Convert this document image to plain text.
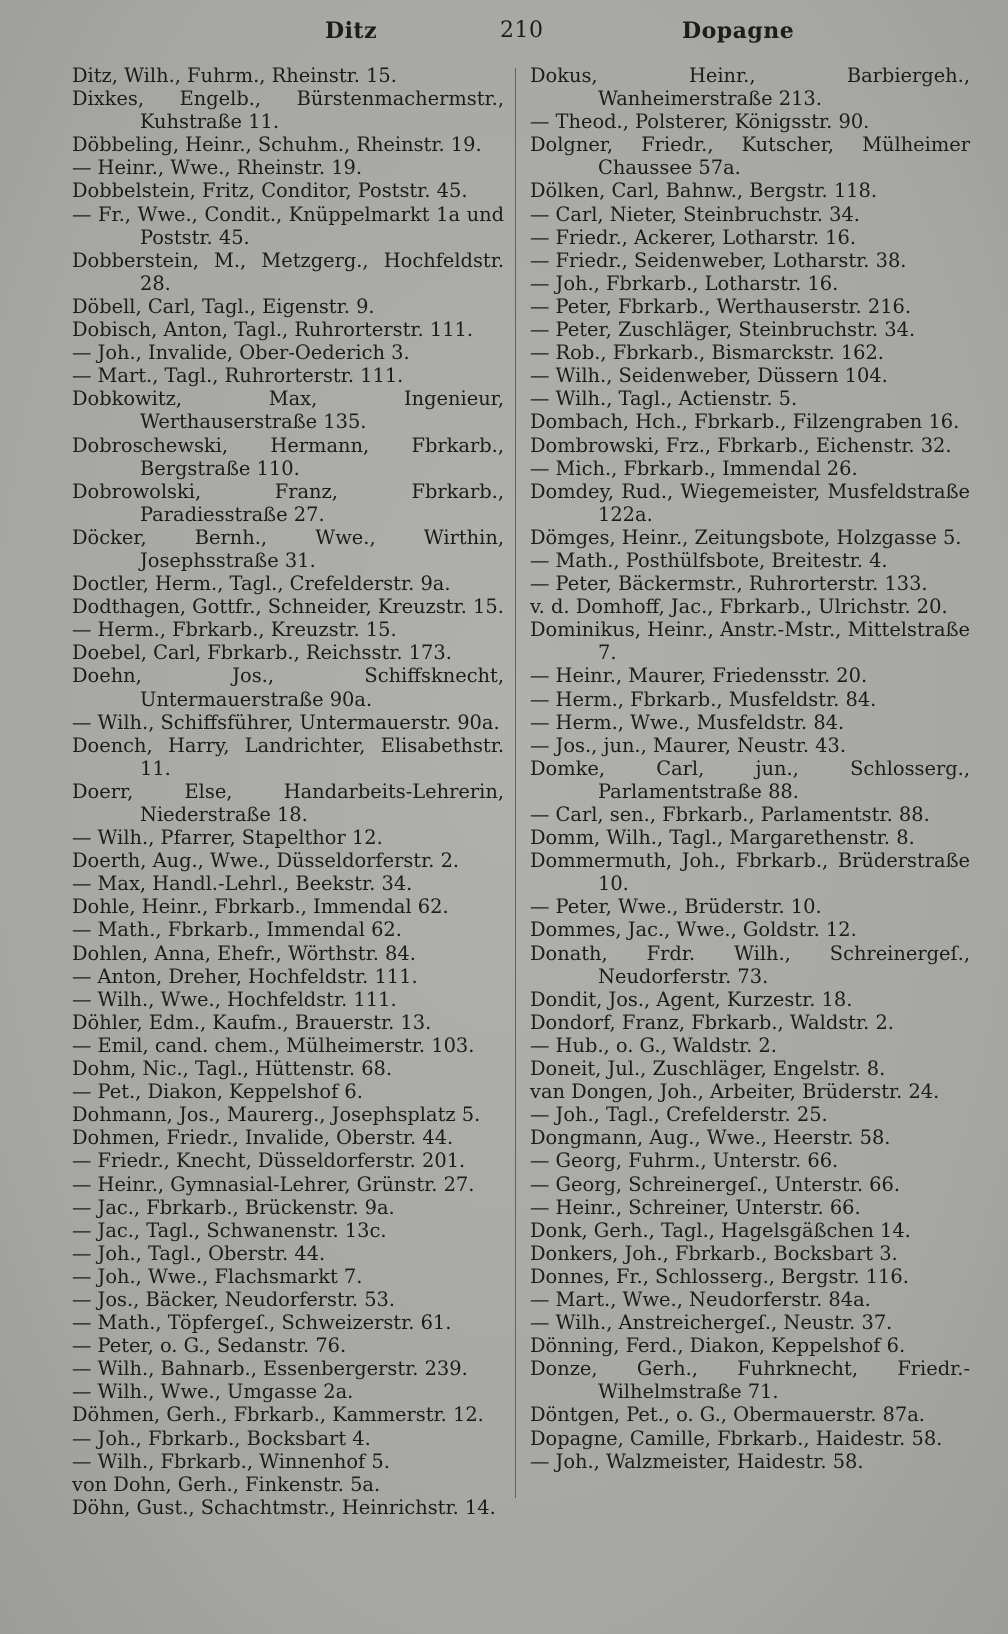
Ditz	210	Dopagne

Ditz, Wilh., Fuhrm., Rheinstr. 15.

Dixkes, Engelb., Bürstenmachermstr., Kuhstraße 11.

Döbbeling, Heinr., Schuhm., Rheinstr. 19.

— Heinr., Wwe., Rheinstr. 19.

Dobbelstein, Fritz, Conditor, Poststr. 45.

— Fr., Wwe., Condit., Knüppelmarkt 1a und Poststr. 45.

Dobberstein, M., Metzgerg., Hochfeldstr. 28.

Döbell, Carl, Tagl., Eigenstr. 9.

Dobisch, Anton, Tagl., Ruhrorterstr. 111.

— Joh., Invalide, Ober-Oederich 3.

— Mart., Tagl., Ruhrorterstr. 111.

Dobkowitz, Max, Ingenieur, Werthauserstraße 135.

Dobroschewski, Hermann, Fbrkarb., Bergstraße 110.

Dobrowolski, Franz, Fbrkarb., Paradiesstraße 27.

Döcker, Bernh., Wwe., Wirthin, Josephsstraße 31.

Doctler, Herm., Tagl., Crefelderstr. 9a.

Dodthagen, Gottfr., Schneider, Kreuzstr. 15.

— Herm., Fbrkarb., Kreuzstr. 15.

Doebel, Carl, Fbrkarb., Reichsstr. 173.

Doehn, Jos., Schiffsknecht, Untermauerstraße 90a.

— Wilh., Schiffsführer, Untermauerstr. 90a.

Doench, Harry, Landrichter, Elisabethstr. 11.

Doerr, Else, Handarbeits-Lehrerin, Niederstraße 18.

— Wilh., Pfarrer, Stapelthor 12.

Doerth, Aug., Wwe., Düsseldorferstr. 2.

— Max, Handl.-Lehrl., Beekstr. 34.

Dohle, Heinr., Fbrkarb., Immendal 62.

— Math., Fbrkarb., Immendal 62.

Dohlen, Anna, Ehefr., Wörthstr. 84.

— Anton, Dreher, Hochfeldstr. 111.

— Wilh., Wwe., Hochfeldstr. 111.

Döhler, Edm., Kaufm., Brauerstr. 13.

— Emil, cand. chem., Mülheimerstr. 103.

Dohm, Nic., Tagl., Hüttenstr. 68.

— Pet., Diakon, Keppelshof 6.

Dohmann, Jos., Maurerg., Josephsplatz 5.

Dohmen, Friedr., Invalide, Oberstr. 44.

— Friedr., Knecht, Düsseldorferstr. 201.

— Heinr., Gymnasial-Lehrer, Grünstr. 27.

— Jac., Fbrkarb., Brückenstr. 9a.

— Jac., Tagl., Schwanenstr. 13c.

— Joh., Tagl., Oberstr. 44.

— Joh., Wwe., Flachsmarkt 7.

— Jos., Bäcker, Neudorferstr. 53.

— Math., Töpfergeſ., Schweizerstr. 61.

— Peter, o. G., Sedanstr. 76.

— Wilh., Bahnarb., Essenbergerstr. 239.

— Wilh., Wwe., Umgasse 2a.

Döhmen, Gerh., Fbrkarb., Kammerstr. 12.

— Joh., Fbrkarb., Bocksbart 4.

— Wilh., Fbrkarb., Winnenhof 5.

von Dohn, Gerh., Finkenstr. 5a.

Döhn, Gust., Schachtmstr., Heinrichstr. 14.

Dokus, Heinr., Barbiergeh., Wanheimerstraße 213.

— Theod., Polsterer, Königsstr. 90.

Dolgner, Friedr., Kutscher, Mülheimer Chaussee 57a.

Dölken, Carl, Bahnw., Bergstr. 118.

— Carl, Nieter, Steinbruchstr. 34.

— Friedr., Ackerer, Lotharstr. 16.

— Friedr., Seidenweber, Lotharstr. 38.

— Joh., Fbrkarb., Lotharstr. 16.

— Peter, Fbrkarb., Werthauserstr. 216.

— Peter, Zuschläger, Steinbruchstr. 34.

— Rob., Fbrkarb., Bismarckstr. 162.

— Wilh., Seidenweber, Düssern 104.

— Wilh., Tagl., Actienstr. 5.

Dombach, Hch., Fbrkarb., Filzengraben 16.

Dombrowski, Frz., Fbrkarb., Eichenstr. 32.

— Mich., Fbrkarb., Immendal 26.

Domdey, Rud., Wiegemeister, Musfeldstraße 122a.

Dömges, Heinr., Zeitungsbote, Holzgasse 5.

— Math., Posthülfsbote, Breitestr. 4.

— Peter, Bäckermstr., Ruhrorterstr. 133.

v. d. Domhoff, Jac., Fbrkarb., Ulrichstr. 20.

Dominikus, Heinr., Anstr.-Mstr., Mittelstraße 7.

— Heinr., Maurer, Friedensstr. 20.

— Herm., Fbrkarb., Musfeldstr. 84.

— Herm., Wwe., Musfeldstr. 84.

— Jos., jun., Maurer, Neustr. 43.

Domke, Carl, jun., Schlosserg., Parlamentstraße 88.

— Carl, sen., Fbrkarb., Parlamentstr. 88.

Domm, Wilh., Tagl., Margarethenstr. 8.

Dommermuth, Joh., Fbrkarb., Brüderstraße 10.

— Peter, Wwe., Brüderstr. 10.

Dommes, Jac., Wwe., Goldstr. 12.

Donath, Frdr. Wilh., Schreinergeſ., Neudorferstr. 73.

Dondit, Jos., Agent, Kurzestr. 18.

Dondorf, Franz, Fbrkarb., Waldstr. 2.

— Hub., o. G., Waldstr. 2.

Doneit, Jul., Zuschläger, Engelstr. 8.

van Dongen, Joh., Arbeiter, Brüderstr. 24.

— Joh., Tagl., Crefelderstr. 25.

Dongmann, Aug., Wwe., Heerstr. 58.

— Georg, Fuhrm., Unterstr. 66.

— Georg, Schreinergeſ., Unterstr. 66.

— Heinr., Schreiner, Unterstr. 66.

Donk, Gerh., Tagl., Hagelsgäßchen 14.

Donkers, Joh., Fbrkarb., Bocksbart 3.

Donnes, Fr., Schlosserg., Bergstr. 116.

— Mart., Wwe., Neudorferstr. 84a.

— Wilh., Anstreichergeſ., Neustr. 37.

Dönning, Ferd., Diakon, Keppelshof 6.

Donze, Gerh., Fuhrknecht, Friedr.-Wilhelmstraße 71.

Döntgen, Pet., o. G., Obermauerstr. 87a.

Dopagne, Camille, Fbrkarb., Haidestr. 58.

— Joh., Walzmeister, Haidestr. 58.
